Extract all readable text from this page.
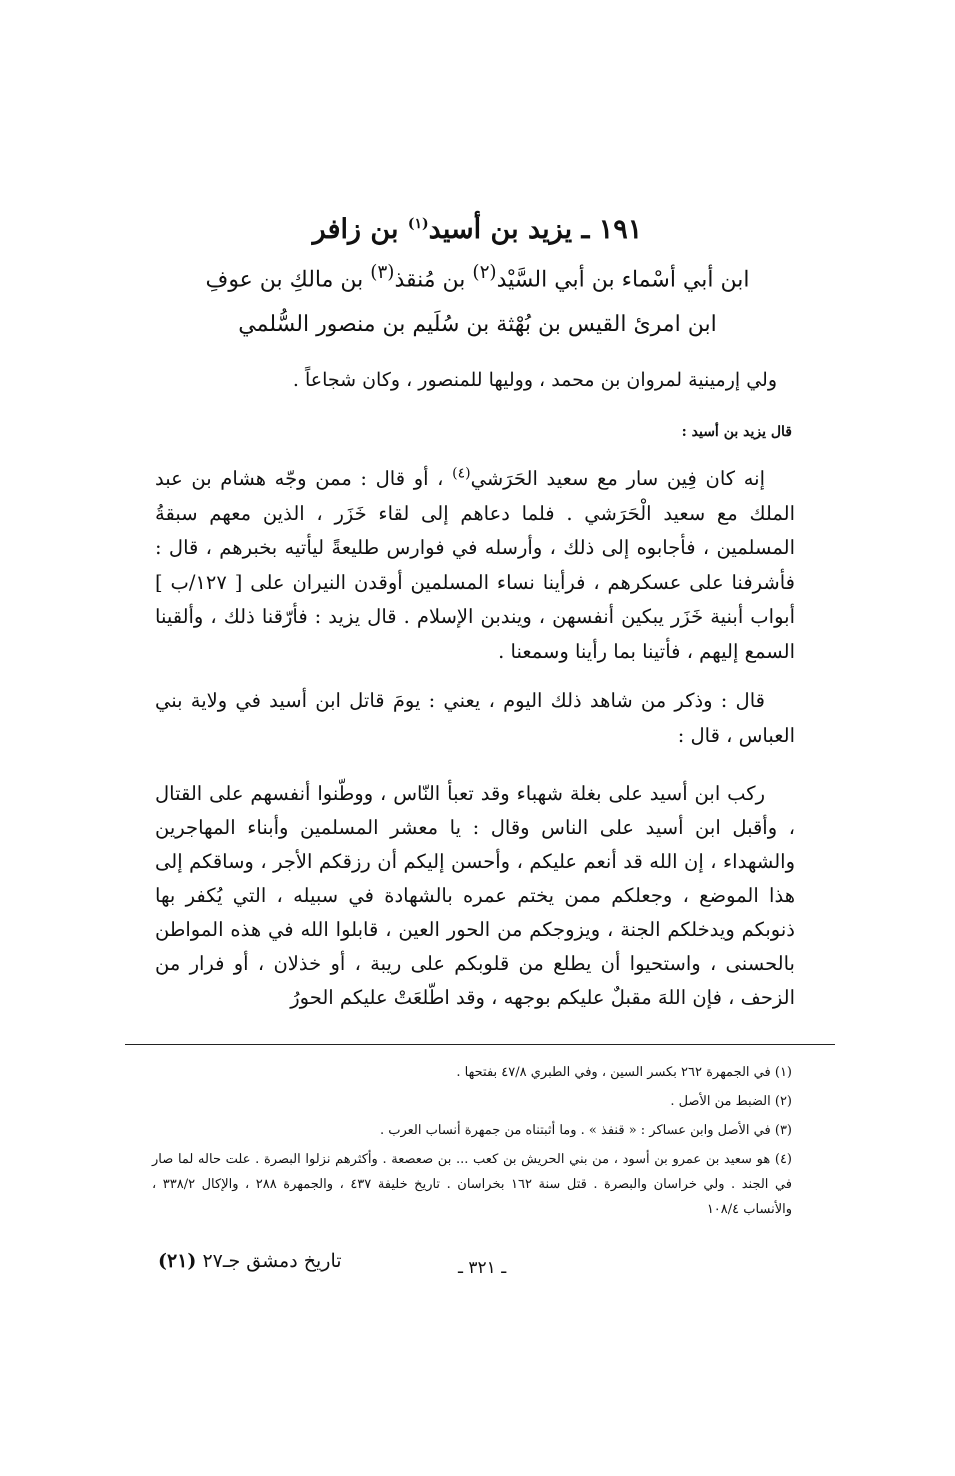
١٩١ ـ يزيد بن أسيد$^{(١)}$ بن زافر
ابن أبي أسْماء بن أبي السَّيْد$^{(٢)}$ بن مُنقذ$^{(٣)}$ بن مالكِ بن عوفِ
ابن امرئ القيس بن بُهْثة بن سُلَيم بن منصور السُّلمي
ولي إرمينية لمروان بن محمد ، ووليها للمنصور ، وكان شجاعاً .
قال يزيد بن أسيد :
إنه كان فِين سار مع سعيد الحَرَشي$^{(٤)}$ ، أو قال : ممن وجّه هشام بن عبد الملك مع سعيد الْحَرَشي . فلما دعاهم إلى لقاء خَزَر ، الذين معهم سبقةُ المسلمين ، فأجابوه إلى ذلك ، وأرسله في فوارس طليعةً ليأتيه بخبرهم ، قال : فأشرفنا على عسكرهم ، فرأينا نساء المسلمين أوقدن النيران على [ ١٢٧/ب ] أبواب أبنية خَزَر يبكين أنفسهن ، ويندبن الإسلام . قال يزيد : فأرّقنا ذلك ، وألقينا السمع إليهم ، فأتينا بما رأينا وسمعنا .
قال : وذكر من شاهد ذلك اليوم ، يعني : يومَ قاتل ابن أسيد في ولاية بني العباس ، قال :
ركب ابن أسيد على بغلة شهباء وقد تعبأ النّاس ، ووطّنوا أنفسهم على القتال ، وأقبل ابن أسيد على الناس وقال : يا معشر المسلمين وأبناء المهاجرين والشهداء ، إن الله قد أنعم عليكم ، وأحسن إليكم أن رزقكم الأجر ، وساقكم إلى هذا الموضع ، وجعلكم ممن يختم عمره بالشهادة في سبيله ، التي يُكفر بها ذنوبكم ويدخلكم الجنة ، ويزوجكم من الحور العين ، قابلوا الله في هذه المواطن بالحسنى ، واستحيوا أن يطلع من قلوبكم على ريبة ، أو خذلان ، أو فرار من الزحف ، فإن اللهَ مقبلٌ عليكم بوجهه ، وقد اطّلعَتْ عليكم الحورُ

(١) في الجمهرة ٢٦٢ بكسر السين ، وفي الطبري ٤٧/٨ بفتحها .

(٢) الضبط من الأصل .

(٣) في الأصل وابن عساكر : « قنفذ » . وما أثبتناه من جمهرة أنساب العرب .

(٤) هو سعيد بن عمرو بن أسود ، من بني الحريش بن كعب ... بن صعصعة . وأكثرهم نزلوا البصرة . علت حاله لما صار في الجند . ولي خراسان والبصرة . قتل سنة ١٦٢ بخراسان . تاريخ خليفة ٤٣٧ ، والجمهرة ٢٨٨ ، والإكال ٣٣٨/٢ ، والأنساب ١٠٨/٤

تاريخ دمشق جـ٢٧ (٢١)	ـ ٣٢١ ـ
